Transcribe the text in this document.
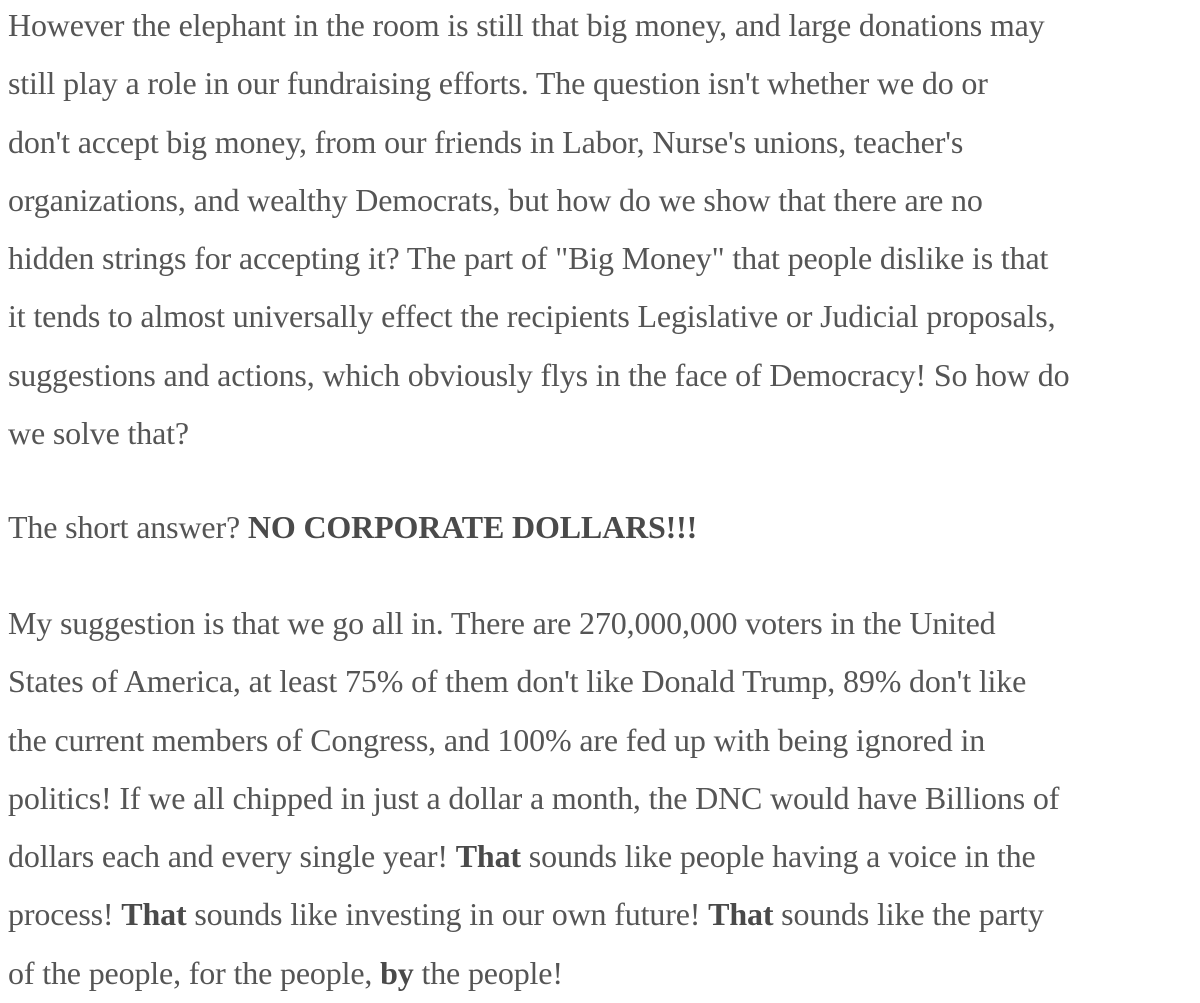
However the elephant in the room is still that big money, and large donations may
still play a role in our fundraising efforts. The question isn't whether we do or
don't accept big money, from our friends in Labor, Nurse's unions, teacher's
organizations, and wealthy Democrats, but how do we show that there are no
hidden strings for accepting it? The part of "Big Money" that people dislike is that
it tends to almost universally effect the recipients Legislative or Judicial proposals,
suggestions and actions, which obviously flys in the face of Democracy! So how do
we solve that?

The short answer? NO CORPORATE DOLLARS!!!

My suggestion is that we go all in. There are 270,000,000 voters in the United
States of America, at least 75% of them don't like Donald Trump, 89% don't like
the current members of Congress, and 100% are fed up with being ignored in
politics! If we all chipped in just a dollar a month, the DNC would have Billions of
dollars each and every single year! That sounds like people having a voice in the
process! That sounds like investing in our own future! That sounds like the party
of the people, for the people, by the people!
